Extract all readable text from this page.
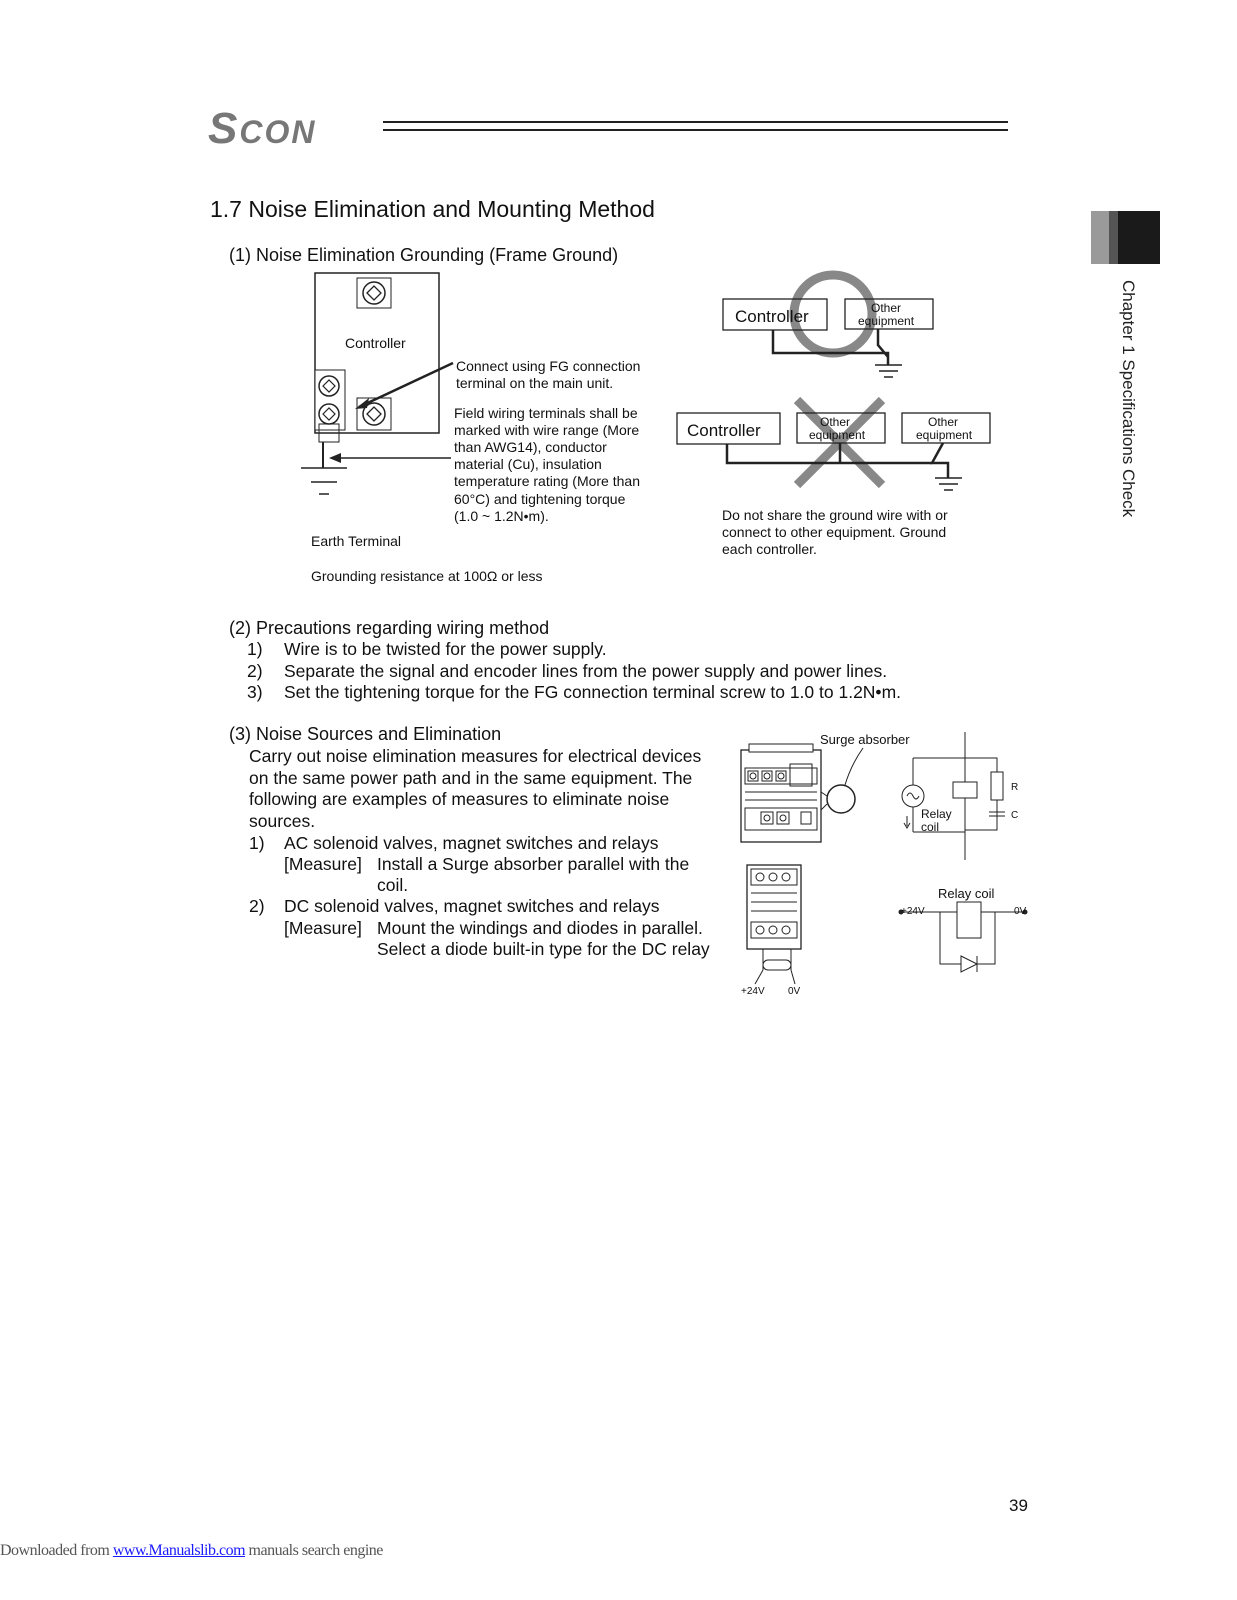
SCON
Chapter 1 Specifications Check
1.7 Noise Elimination and Mounting Method
(1) Noise Elimination Grounding (Frame Ground)
Controller
Connect using FG connection
terminal on the main unit.
Field wiring terminals shall be
marked with wire range (More
than AWG14), conductor
material (Cu), insulation
temperature rating (More than
60°C) and tightening torque
(1.0 ~ 1.2N•m).
Earth Terminal
Grounding resistance at 100Ω or less
Controller	Other
equipment
Controller	Other
equipment
Other
equipment
Do not share the ground wire with or
connect to other equipment. Ground
each controller.
(2) Precautions regarding wiring method
1) Wire is to be twisted for the power supply.
2) Separate the signal and encoder lines from the power supply and power lines.
3) Set the tightening torque for the FG connection terminal screw to 1.0 to 1.2N•m.
(3) Noise Sources and Elimination
Carry out noise elimination measures for electrical devices
on the same power path and in the same equipment. The
following are examples of measures to eliminate noise
sources.
1) AC solenoid valves, magnet switches and relays
[Measure] Install a Surge absorber parallel with the
coil.
2) DC solenoid valves, magnet switches and relays
[Measure] Mount the windings and diodes in parallel.
Select a diode built-in type for the DC relay
Surge absorber
Relay
coil
R
C
Relay coil
+24V	0V
+24V 0V
39
Downloaded from www.Manualslib.com manuals search engine
